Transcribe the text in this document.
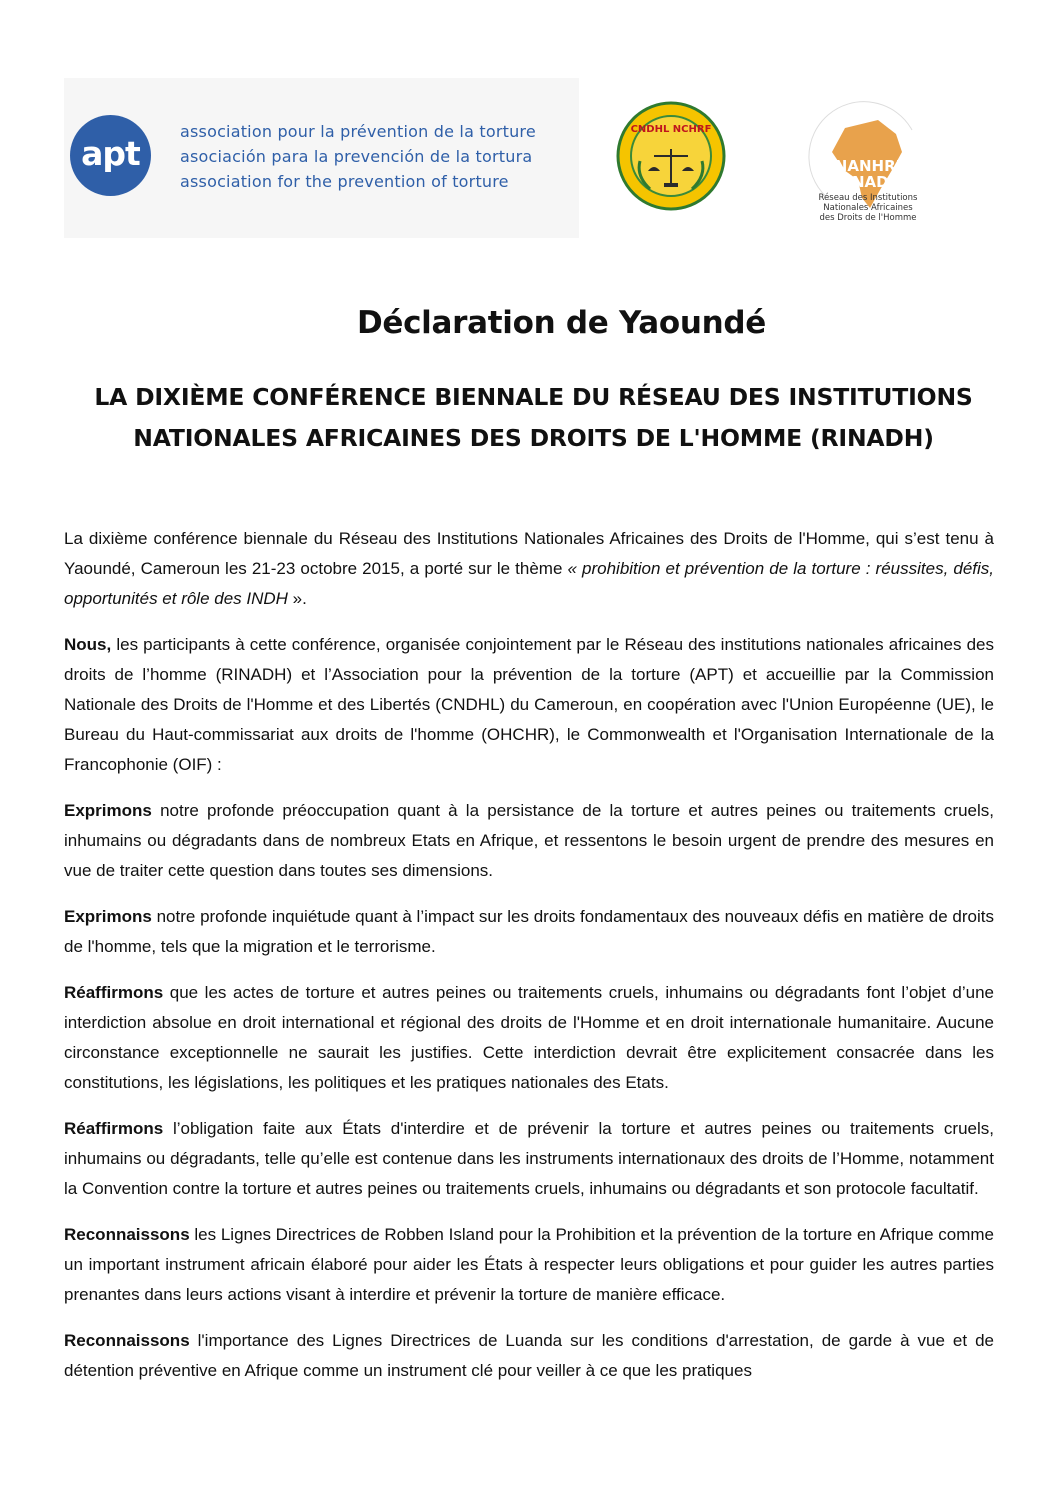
apt
association pour la prévention de la torture
asociación para la prevención de la tortura
association for the prevention of torture
CNDHL NCHRF
NANHRI RINADH
Réseau des Institutions Nationales Africaines des Droits de l'Homme
Déclaration de Yaoundé
LA DIXIÈME CONFÉRENCE BIENNALE DU RÉSEAU DES INSTITUTIONS NATIONALES AFRICAINES DES DROITS DE L'HOMME (RINADH)

La dixième conférence biennale du Réseau des Institutions Nationales Africaines des Droits de l'Homme, qui s’est tenu à Yaoundé, Cameroun les 21-23 octobre 2015, a porté sur le thème « prohibition et prévention de la torture : réussites, défis, opportunités et rôle des INDH ».

Nous, les participants à cette conférence, organisée conjointement par le Réseau des institutions nationales africaines des droits de l’homme (RINADH) et l’Association pour la prévention de la torture (APT) et accueillie par la Commission Nationale des Droits de l'Homme et des Libertés (CNDHL) du Cameroun, en coopération avec l'Union Européenne (UE), le Bureau du Haut-commissariat aux droits de l'homme (OHCHR), le Commonwealth et l'Organisation Internationale de la Francophonie (OIF) :

Exprimons notre profonde préoccupation quant à la persistance de la torture et autres peines ou traitements cruels, inhumains ou dégradants dans de nombreux Etats en Afrique, et ressentons le besoin urgent de prendre des mesures en vue de traiter cette question dans toutes ses dimensions.

Exprimons notre profonde inquiétude quant à l’impact sur les droits fondamentaux des nouveaux défis en matière de droits de l'homme, tels que la migration et le terrorisme.

Réaffirmons que les actes de torture et autres peines ou traitements cruels, inhumains ou dégradants font l’objet d’une interdiction absolue en droit international et régional des droits de l'Homme et en droit internationale humanitaire. Aucune circonstance exceptionnelle ne saurait les justifies. Cette interdiction devrait être explicitement consacrée dans les constitutions, les législations, les politiques et les pratiques nationales des Etats.

Réaffirmons l’obligation faite aux États d'interdire et de prévenir la torture et autres peines ou traitements cruels, inhumains ou dégradants, telle qu’elle est contenue dans les instruments internationaux des droits de l’Homme, notamment la Convention contre la torture et autres peines ou traitements cruels, inhumains ou dégradants et son protocole facultatif.

Reconnaissons les Lignes Directrices de Robben Island pour la Prohibition et la prévention de la torture en Afrique comme un important instrument africain élaboré pour aider les États à respecter leurs obligations et pour guider les autres parties prenantes dans leurs actions visant à interdire et prévenir la torture de manière efficace.

Reconnaissons l'importance des Lignes Directrices de Luanda sur les conditions d'arrestation, de garde à vue et de détention préventive en Afrique comme un instrument clé pour veiller à ce que les pratiques
